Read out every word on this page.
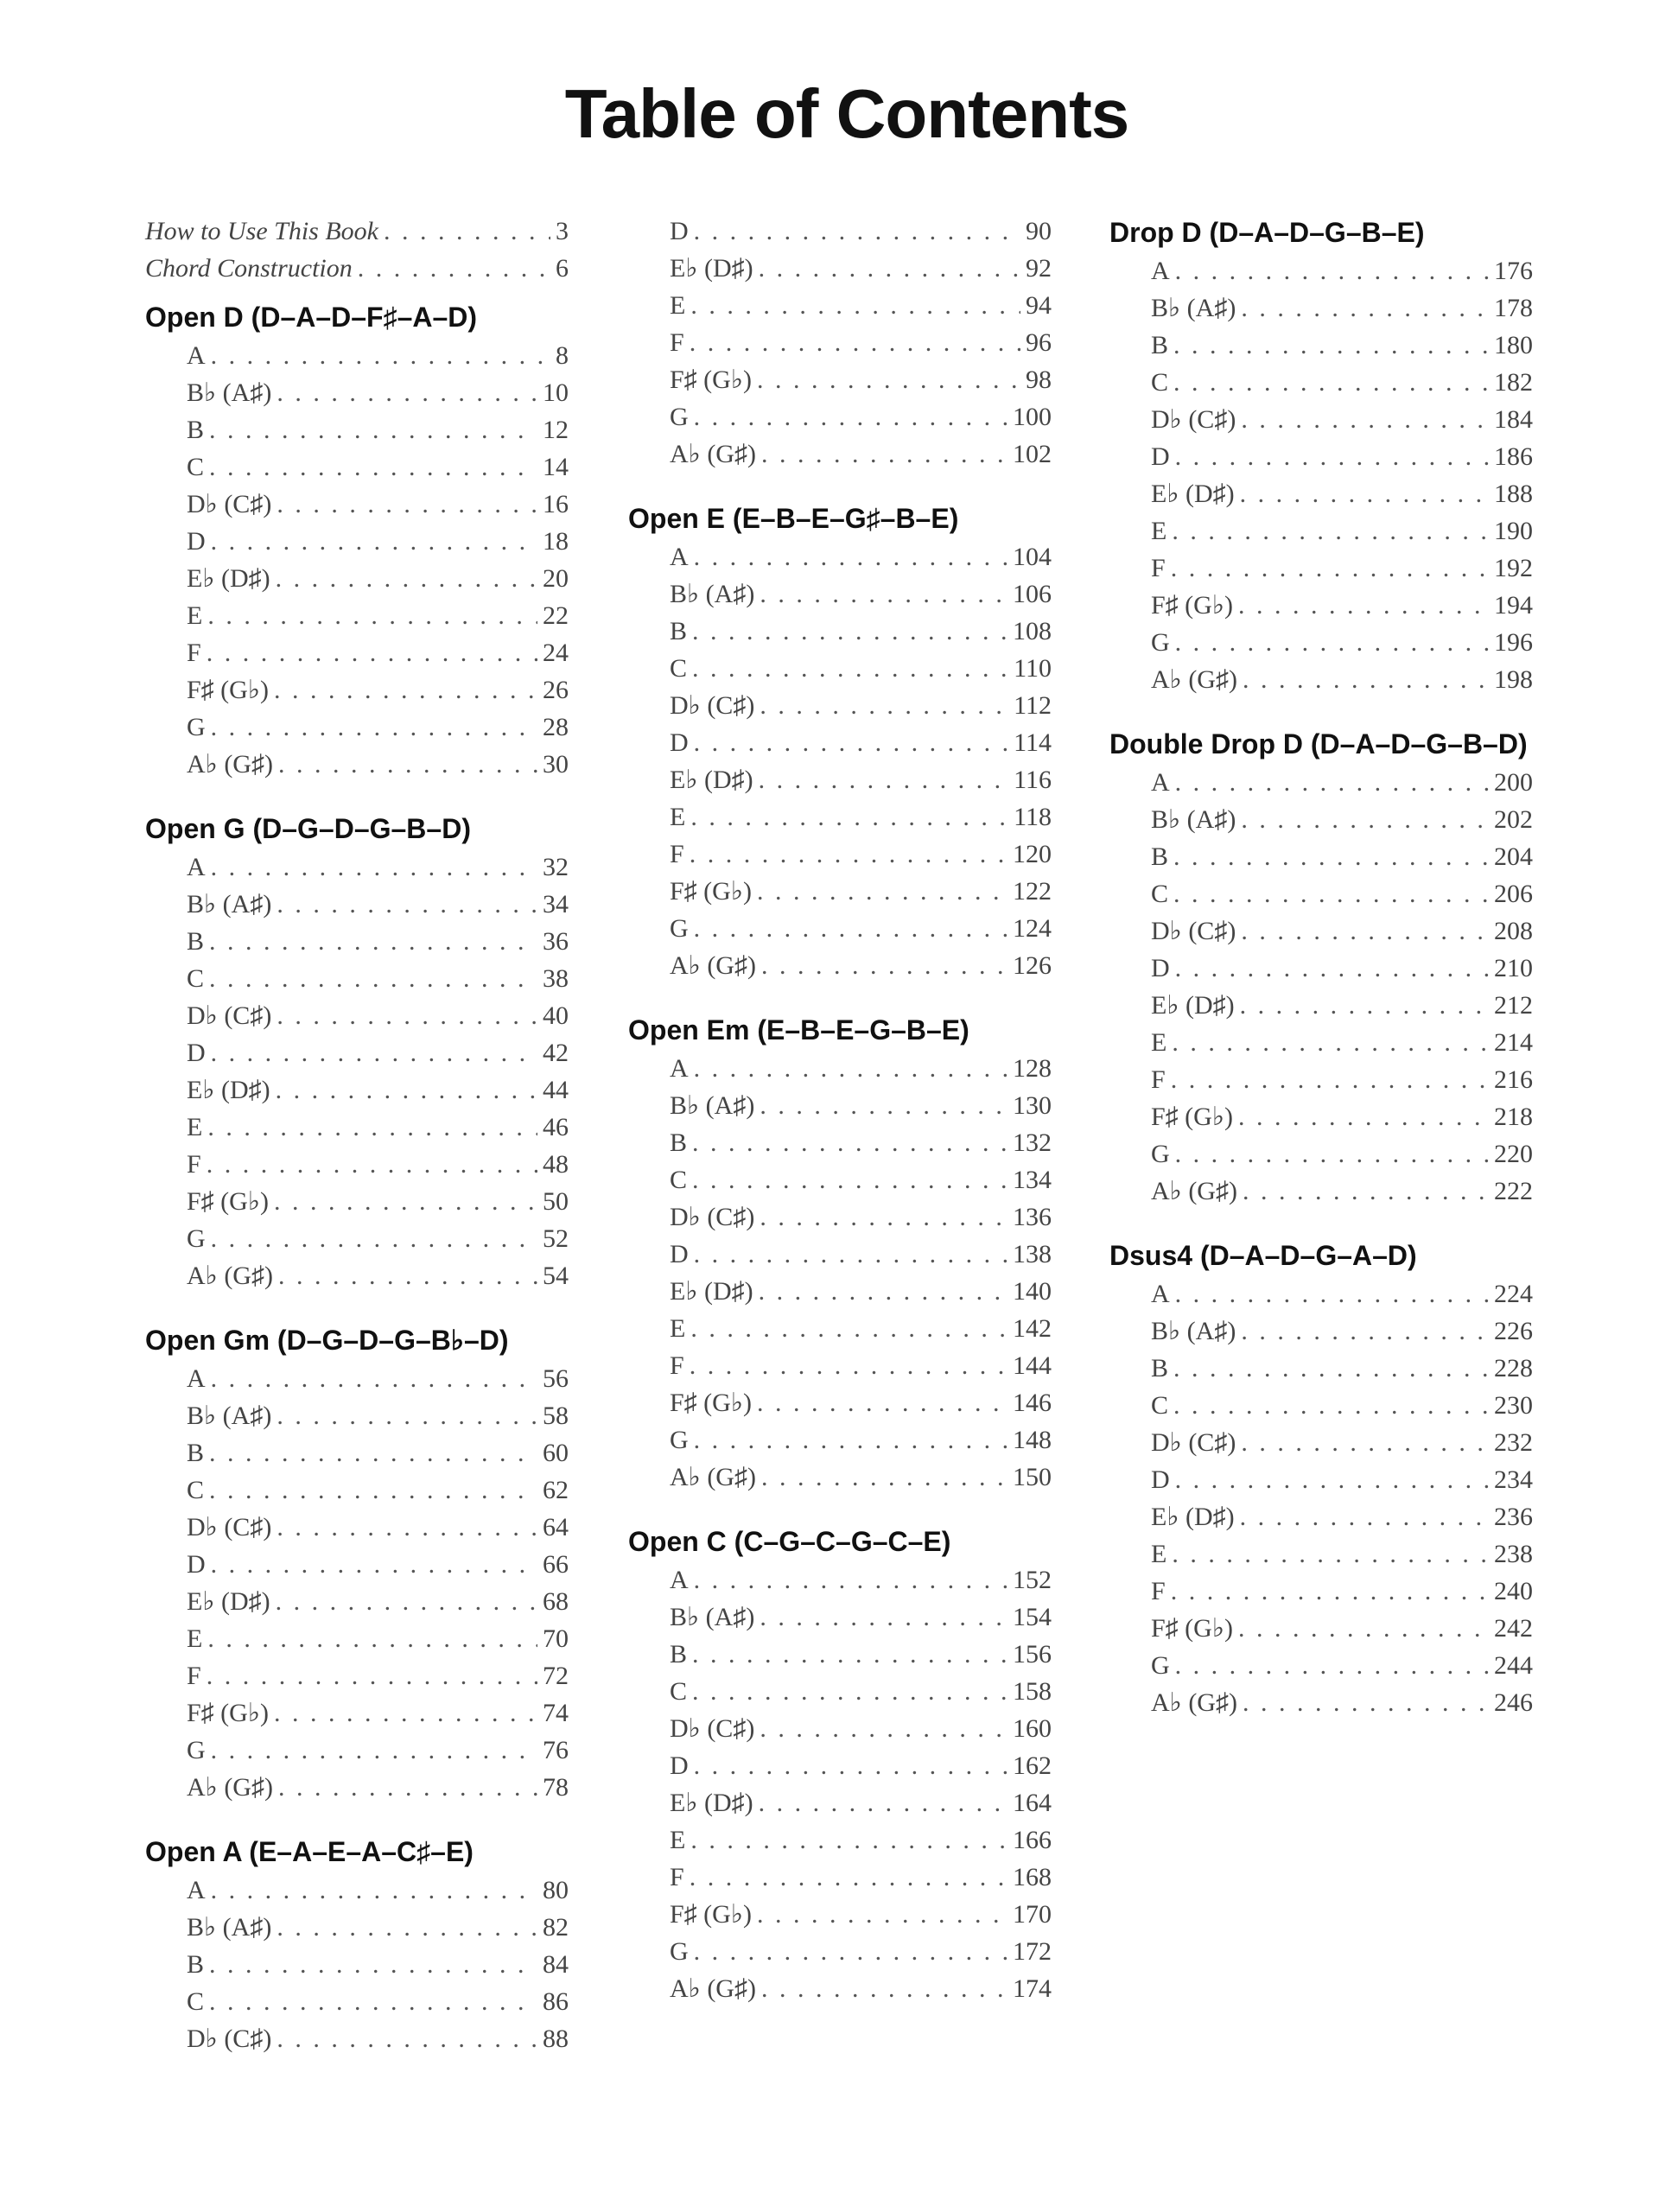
Table of Contents
How to Use This Book . . .	3
Chord Construction . . .	6
Open D (D–A–D–F♯–A–D)
A . . .	8
B♭ (A♯) . . .	10
B . . .	12
C . . .	14
D♭ (C♯) . . .	16
D . . .	18
E♭ (D♯) . . .	20
E . . .	22
F . . .	24
F♯ (G♭) . . .	26
G . . .	28
A♭ (G♯) . . .	30
Open G (D–G–D–G–B–D)
A . . .	32
B♭ (A♯) . . .	34
B . . .	36
C . . .	38
D♭ (C♯) . . .	40
D . . .	42
E♭ (D♯) . . .	44
E . . .	46
F . . .	48
F♯ (G♭) . . .	50
G . . .	52
A♭ (G♯) . . .	54
Open Gm (D–G–D–G–B♭–D)
A . . .	56
B♭ (A♯) . . .	58
B . . .	60
C . . .	62
D♭ (C♯) . . .	64
D . . .	66
E♭ (D♯) . . .	68
E . . .	70
F . . .	72
F♯ (G♭) . . .	74
G . . .	76
A♭ (G♯) . . .	78
Open A (E–A–E–A–C♯–E)
A . . .	80
B♭ (A♯) . . .	82
B . . .	84
C . . .	86
D♭ (C♯) . . .	88
D . . .	90
E♭ (D♯) . . .	92
E . . .	94
F . . .	96
F♯ (G♭) . . .	98
G . . .	100
A♭ (G♯) . . .	102
Open E (E–B–E–G♯–B–E)
A . . .	104
B♭ (A♯) . . .	106
B . . .	108
C . . .	110
D♭ (C♯) . . .	112
D . . .	114
E♭ (D♯) . . .	116
E . . .	118
F . . .	120
F♯ (G♭) . . .	122
G . . .	124
A♭ (G♯) . . .	126
Open Em (E–B–E–G–B–E)
A . . .	128
B♭ (A♯) . . .	130
B . . .	132
C . . .	134
D♭ (C♯) . . .	136
D . . .	138
E♭ (D♯) . . .	140
E . . .	142
F . . .	144
F♯ (G♭) . . .	146
G . . .	148
A♭ (G♯) . . .	150
Open C (C–G–C–G–C–E)
A . . .	152
B♭ (A♯) . . .	154
B . . .	156
C . . .	158
D♭ (C♯) . . .	160
D . . .	162
E♭ (D♯) . . .	164
E . . .	166
F . . .	168
F♯ (G♭) . . .	170
G . . .	172
A♭ (G♯) . . .	174
Drop D (D–A–D–G–B–E)
A . . .	176
B♭ (A♯) . . .	178
B . . .	180
C . . .	182
D♭ (C♯) . . .	184
D . . .	186
E♭ (D♯) . . .	188
E . . .	190
F . . .	192
F♯ (G♭) . . .	194
G . . .	196
A♭ (G♯) . . .	198
Double Drop D (D–A–D–G–B–D)
A . . .	200
B♭ (A♯) . . .	202
B . . .	204
C . . .	206
D♭ (C♯) . . .	208
D . . .	210
E♭ (D♯) . . .	212
E . . .	214
F . . .	216
F♯ (G♭) . . .	218
G . . .	220
A♭ (G♯) . . .	222
Dsus4 (D–A–D–G–A–D)
A . . .	224
B♭ (A♯) . . .	226
B . . .	228
C . . .	230
D♭ (C♯) . . .	232
D . . .	234
E♭ (D♯) . . .	236
E . . .	238
F . . .	240
F♯ (G♭) . . .	242
G . . .	244
A♭ (G♯) . . .	246
